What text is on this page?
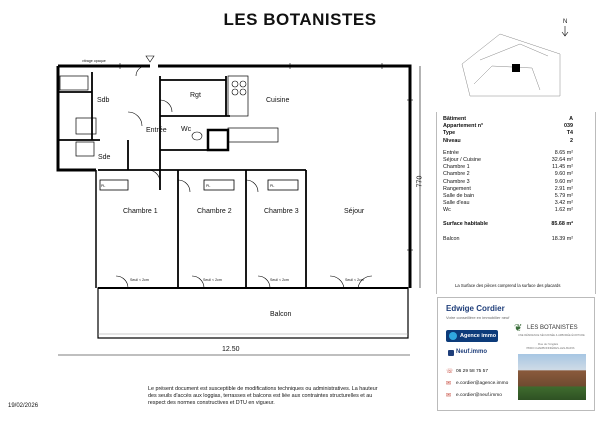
LES BOTANISTES
vitrage opaque
Sdb
Rgt
Cuisine
Entrée Wc
Sde
Chambre 1	Chambre 2	Chambre 3	Séjour
Balcon
PL	PL	PL
Seuil < 2cm	Seuil < 2cm	Seuil < 2cm	Seuil < 2cm
12.50
770
N
Bâtiment	A
Appartement n°	039
Type	T4
Niveau	2
Entrée	8.65 m²
Séjour / Cuisine	32.64 m²
Chambre 1	11.45 m²
Chambre 2	9.60 m²
Chambre 3	9.60 m²
Rangement	2.91 m²
Salle de bain	5.79 m²
Salle d'eau	3.42 m²
Wc	1.62 m²
Surface habitable	85.68 m²
Balcon	18.39 m²
La Surface des pièces comprend la surface des placards
Edwige Cordier
Votre conseillère en immobilier neuf
Agence immo
Neuf.immo
☏ 06 29 58 75 57
✉ e.cordier@agence.immo
✉ e.cordier@neuf.immo
❦ LES BOTANISTES
UNE RÉSIDENCE SÉCURISÉE & ARBORÉE ÉCRITURE
Rue de l'Anglais
78000 CHARBONNIÈRES-LES-BAINS
Le présent document est susceptible de modifications techniques ou administratives. La hauteur des seuils d'accès aux loggias, terrasses et balcons est liée aux contraintes structurelles et au respect des normes constructives et DTU en vigueur.
19/02/2026
